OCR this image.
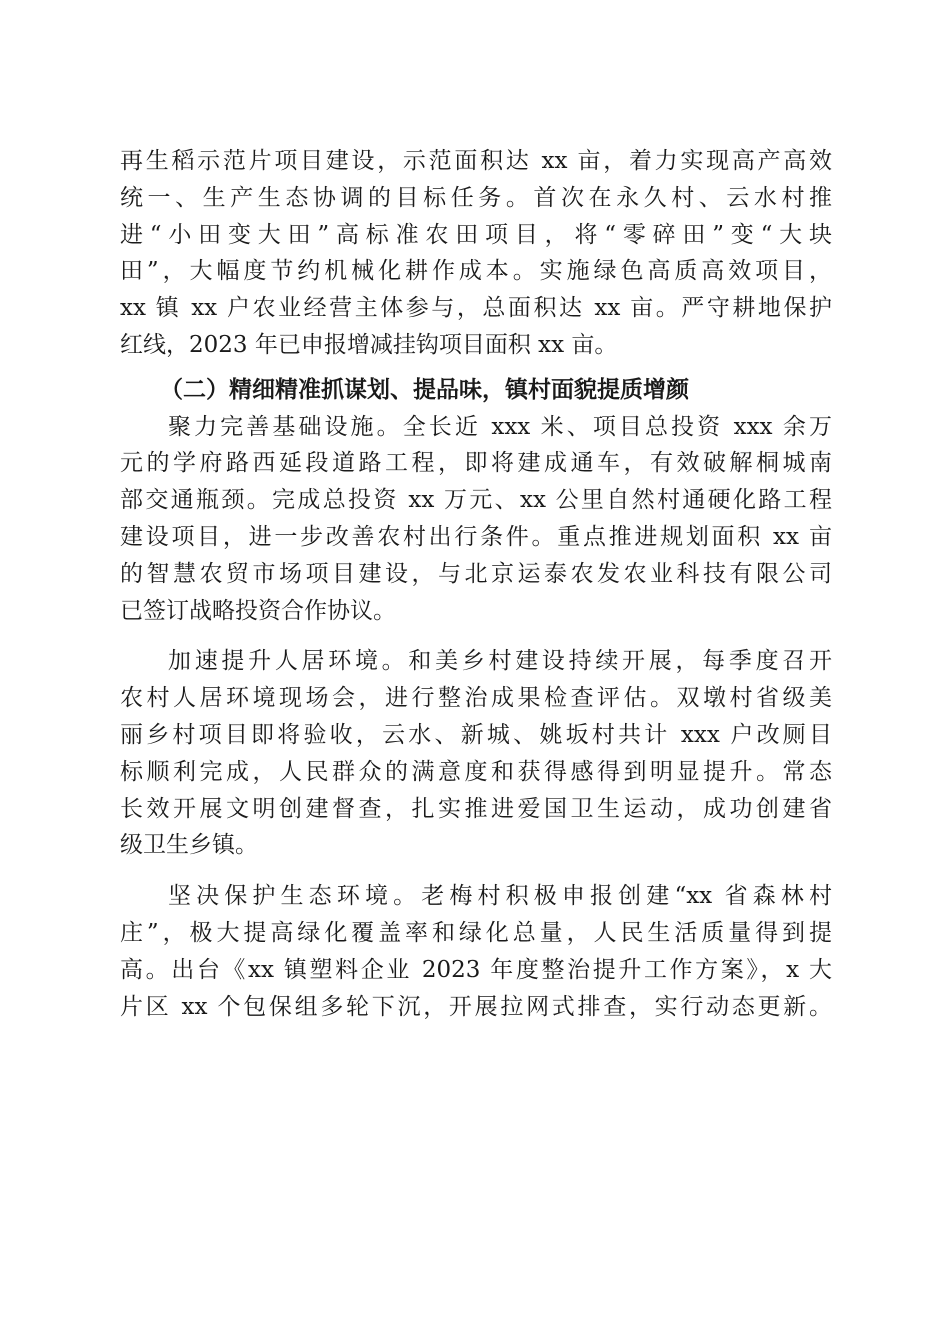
再生稻示范片项目建设，示范面积达 xx 亩，着力实现高产高效
统一、生产生态协调的目标任务。首次在永久村、云水村推
进“小田变大田”高标准农田项目，将“零碎田”变“大块
田”，大幅度节约机械化耕作成本。实施绿色高质高效项目，
xx 镇 xx 户农业经营主体参与，总面积达 xx 亩。严守耕地保护
红线，2023 年已申报增减挂钩项目面积 xx 亩。
（二）精细精准抓谋划、提品味，镇村面貌提质增颜
聚力完善基础设施。全长近 xxx 米、项目总投资 xxx 余万
元的学府路西延段道路工程，即将建成通车，有效破解桐城南
部交通瓶颈。完成总投资 xx 万元、xx 公里自然村通硬化路工程
建设项目，进一步改善农村出行条件。重点推进规划面积 xx 亩
的智慧农贸市场项目建设，与北京运泰农发农业科技有限公司
已签订战略投资合作协议。
加速提升人居环境。和美乡村建设持续开展，每季度召开
农村人居环境现场会，进行整治成果检查评估。双墩村省级美
丽乡村项目即将验收，云水、新城、姚坂村共计 xxx 户改厕目
标顺利完成，人民群众的满意度和获得感得到明显提升。常态
长效开展文明创建督查，扎实推进爱国卫生运动，成功创建省
级卫生乡镇。
坚决保护生态环境。老梅村积极申报创建“xx 省森林村
庄”，极大提高绿化覆盖率和绿化总量，人民生活质量得到提
高。出台《xx 镇塑料企业 2023 年度整治提升工作方案》，x 大
片区 xx 个包保组多轮下沉，开展拉网式排查，实行动态更新。
